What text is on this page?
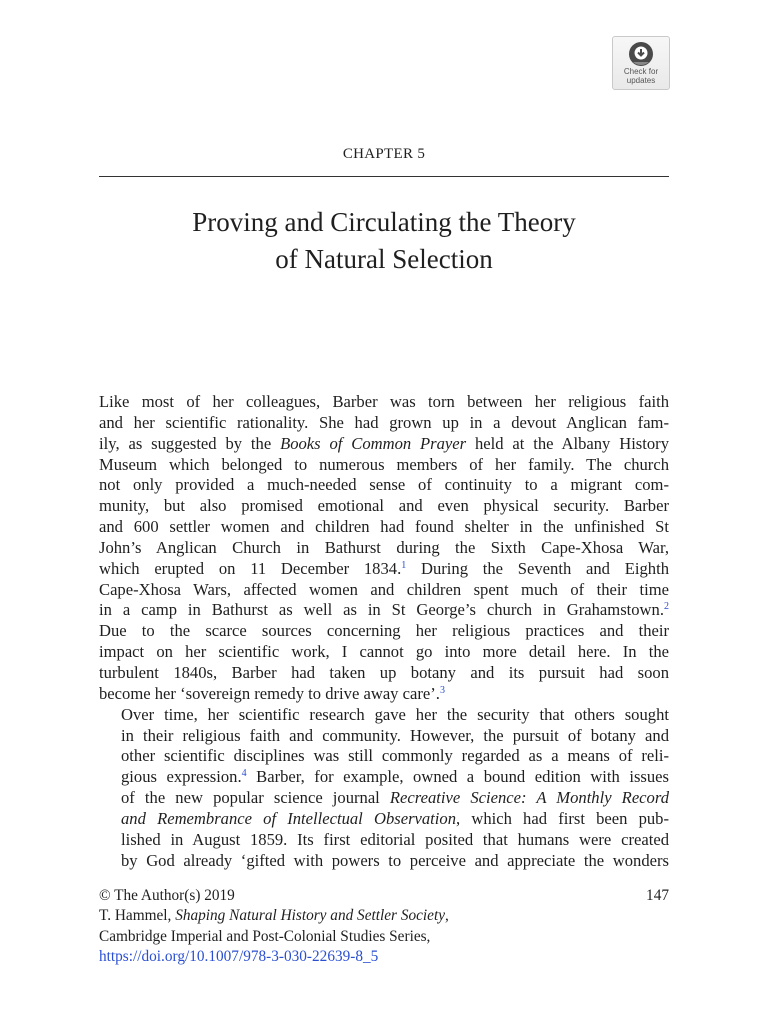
Check for
updates
CHAPTER 5
Proving and Circulating the Theory
of Natural Selection

Like most of her colleagues, Barber was torn between her religious faith
and her scientific rationality. She had grown up in a devout Anglican fam-
ily, as suggested by the Books of Common Prayer held at the Albany History
Museum which belonged to numerous members of her family. The church
not only provided a much-needed sense of continuity to a migrant com-
munity, but also promised emotional and even physical security. Barber
and 600 settler women and children had found shelter in the unfinished St
John’s Anglican Church in Bathurst during the Sixth Cape-Xhosa War,
which erupted on 11 December 1834.$^1$ During the Seventh and Eighth
Cape-Xhosa Wars, affected women and children spent much of their time
in a camp in Bathurst as well as in St George’s church in Grahamstown.$^2$
Due to the scarce sources concerning her religious practices and their
impact on her scientific work, I cannot go into more detail here. In the
turbulent 1840s, Barber had taken up botany and its pursuit had soon
become her ‘sovereign remedy to drive away care’.$^3$

Over time, her scientific research gave her the security that others sought
in their religious faith and community. However, the pursuit of botany and
other scientific disciplines was still commonly regarded as a means of reli-
gious expression.$^4$ Barber, for example, owned a bound edition with issues
of the new popular science journal Recreative Science: A Monthly Record
and Remembrance of Intellectual Observation, which had first been pub-
lished in August 1859. Its first editorial posited that humans were created
by God already ‘gifted with powers to perceive and appreciate the wonders

© The Author(s) 2019	147
T. Hammel, Shaping Natural History and Settler Society,
Cambridge Imperial and Post-Colonial Studies Series,
https://doi.org/10.1007/978-3-030-22639-8_5
